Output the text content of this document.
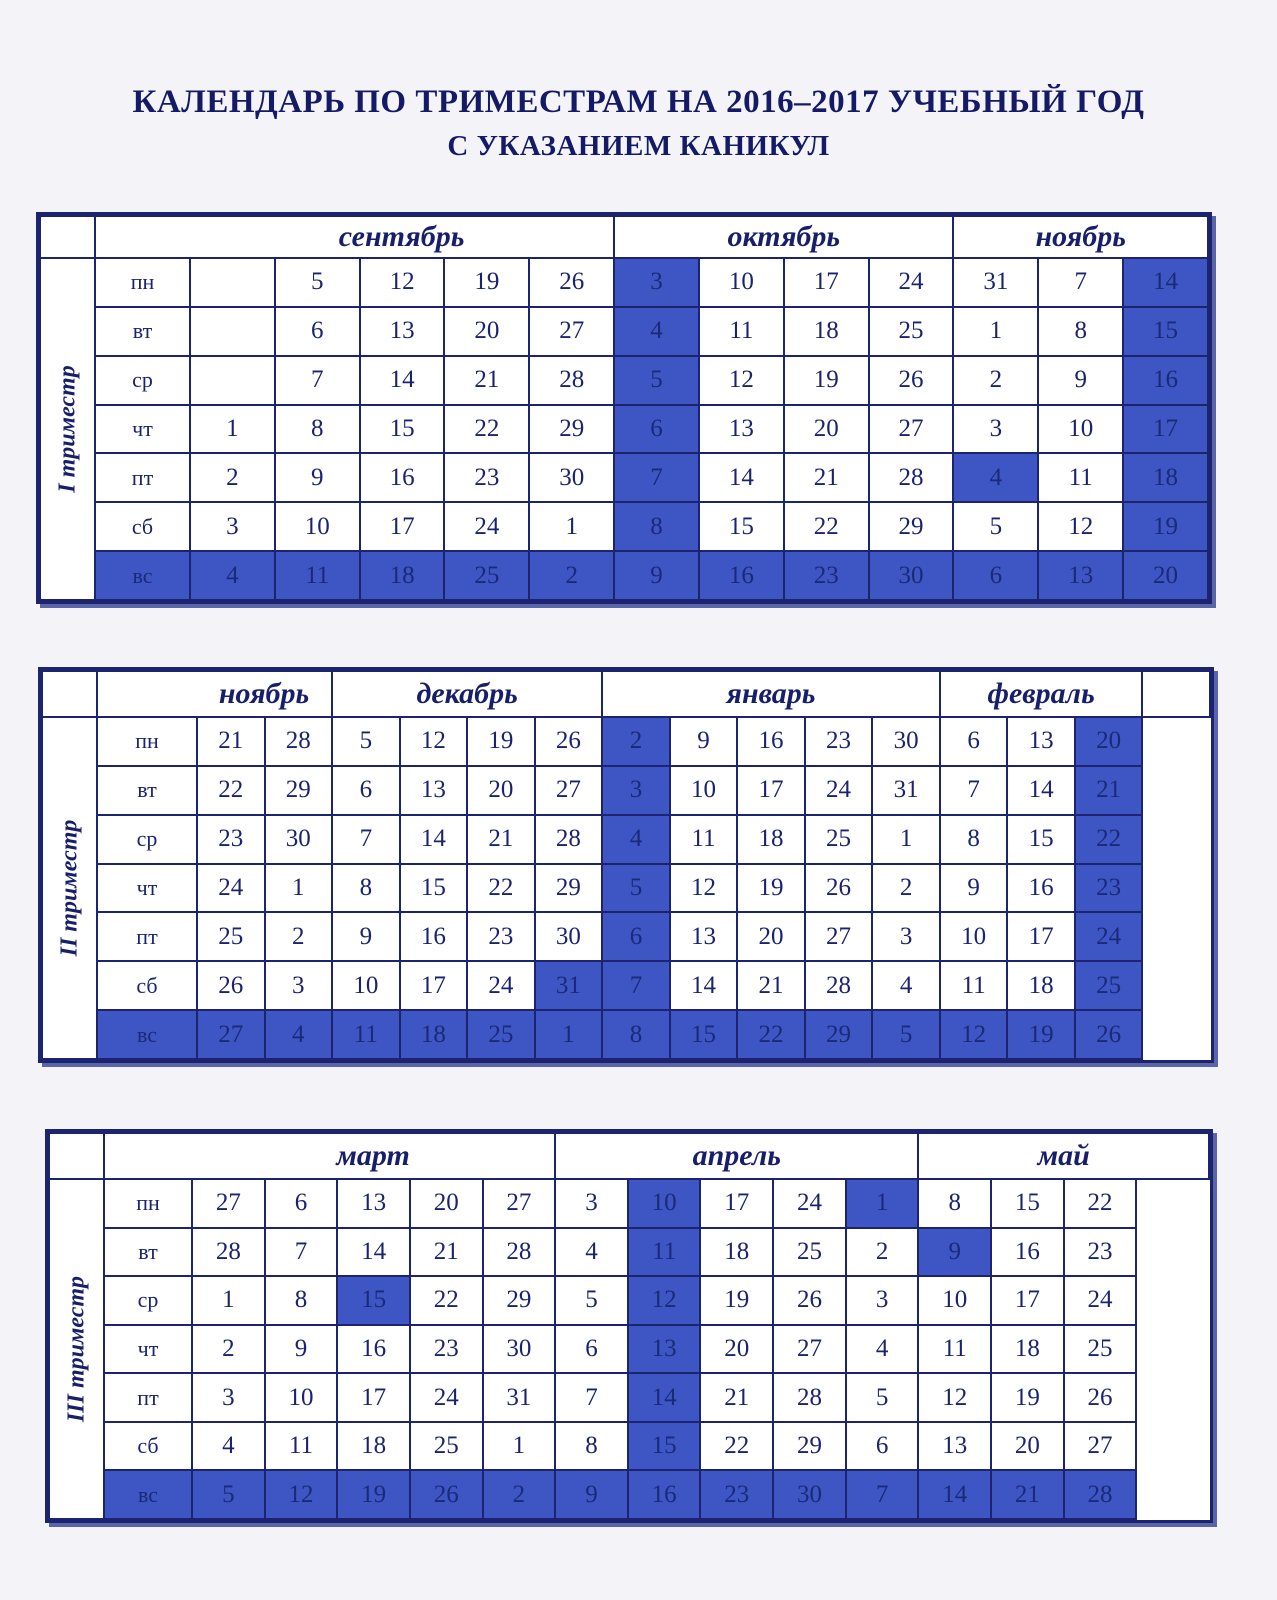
КАЛЕНДАРЬ ПО ТРИМЕСТРАМ НА 2016–2017 УЧЕБНЫЙ ГОД
С УКАЗАНИЕМ КАНИКУЛ
		сентябрь					октябрь				ноябрь		

I триместр	пн		5	12	19	26	3	10	17	24	31	7	14
	вт		6	13	20	27	4	11	18	25	1	8	15
	ср		7	14	21	28	5	12	19	26	2	9	16
	чт	1	8	15	22	29	6	13	20	27	3	10	17
	пт	2	9	16	23	30	7	14	21	28	4	11	18
	сб	3	10	17	24	1	8	15	22	29	5	12	19
	вс	4	11	18	25	2	9	16	23	30	6	13	20
		ноябрь		декабрь				январь					февраль			

II триместр	пн	21	28	5	12	19	26	2	9	16	23	30	6	13	20	
	вт	22	29	6	13	20	27	3	10	17	24	31	7	14	21	
	ср	23	30	7	14	21	28	4	11	18	25	1	8	15	22	
	чт	24	1	8	15	22	29	5	12	19	26	2	9	16	23	
	пт	25	2	9	16	23	30	6	13	20	27	3	10	17	24	
	сб	26	3	10	17	24	31	7	14	21	28	4	11	18	25	
	вс	27	4	11	18	25	1	8	15	22	29	5	12	19	26	
		март					апрель					май		

III триместр	пн	27	6	13	20	27	3	10	17	24	1	8	15	22
	вт	28	7	14	21	28	4	11	18	25	2	9	16	23
	ср	1	8	15	22	29	5	12	19	26	3	10	17	24
	чт	2	9	16	23	30	6	13	20	27	4	11	18	25
	пт	3	10	17	24	31	7	14	21	28	5	12	19	26
	сб	4	11	18	25	1	8	15	22	29	6	13	20	27
	вс	5	12	19	26	2	9	16	23	30	7	14	21	28
